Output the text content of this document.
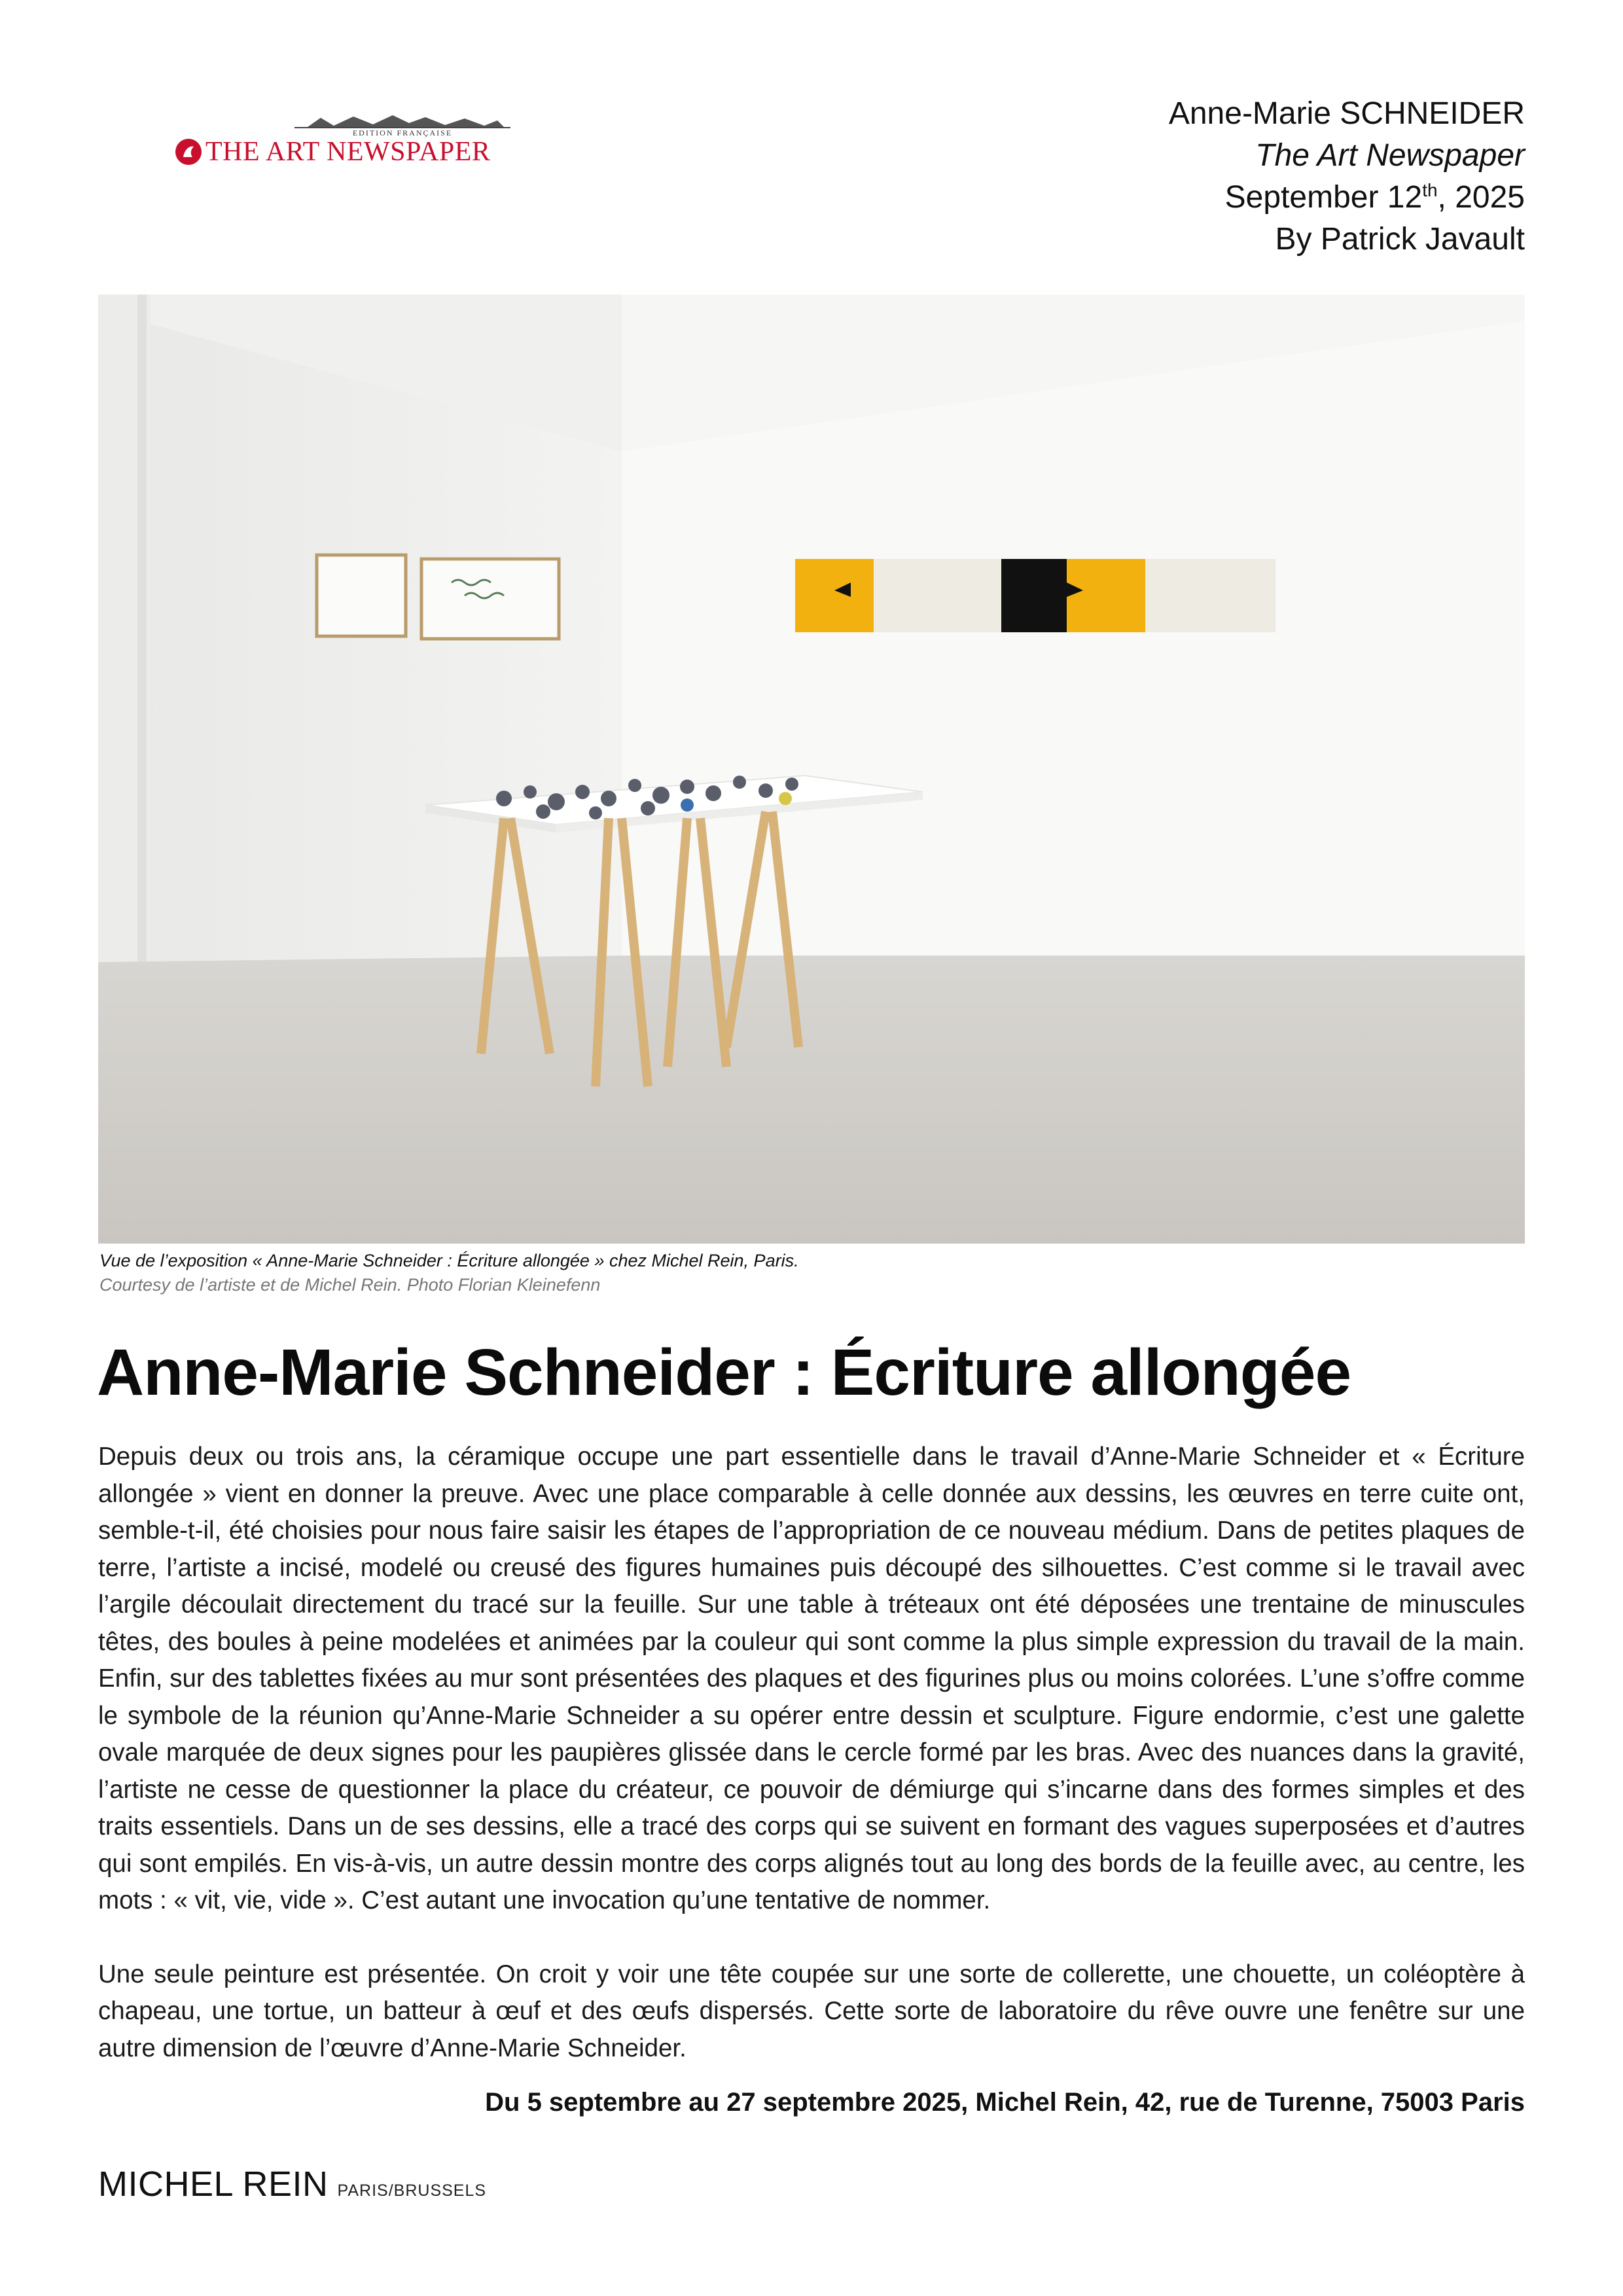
EDITION FRANÇAISE
THE ART NEWSPAPER
Anne-Marie SCHNEIDER
The Art Newspaper
September 12th, 2025
By Patrick Javault
Vue de l’exposition « Anne-Marie Schneider : Écriture allongée » chez Michel Rein, Paris.
Courtesy de l’artiste et de Michel Rein. Photo Florian Kleinefenn
Anne-Marie Schneider : Écriture allongée

Depuis deux ou trois ans, la céramique occupe une part essentielle dans le travail d’Anne-Marie Schneider et « Écriture allongée » vient en donner la preuve. Avec une place comparable à celle donnée aux dessins, les œuvres en terre cuite ont, semble-t-il, été choisies pour nous faire saisir les étapes de l’appropriation de ce nouveau médium. Dans de petites plaques de terre, l’artiste a incisé, modelé ou creusé des figures humaines puis découpé des silhouettes. C’est comme si le travail avec l’argile découlait directement du tracé sur la feuille. Sur une table à tréteaux ont été déposées une trentaine de minuscules têtes, des boules à peine modelées et animées par la couleur qui sont comme la plus simple expression du travail de la main. Enfin, sur des tablettes fixées au mur sont présentées des plaques et des figurines plus ou moins colorées. L’une s’offre comme le symbole de la réunion qu’Anne-Marie Schneider a su opérer entre dessin et sculpture. Figure endormie, c’est une galette ovale marquée de deux signes pour les paupières glissée dans le cercle formé par les bras. Avec des nuances dans la gravité, l’artiste ne cesse de questionner la place du créateur, ce pouvoir de démiurge qui s’incarne dans des formes simples et des traits essentiels. Dans un de ses dessins, elle a tracé des corps qui se suivent en formant des vagues superposées et d’autres qui sont empilés. En vis-à-vis, un autre dessin montre des corps alignés tout au long des bords de la feuille avec, au centre, les mots : « vit, vie, vide ». C’est autant une invocation qu’une tentative de nommer.

Une seule peinture est présentée. On croit y voir une tête coupée sur une sorte de collerette, une chouette, un coléoptère à chapeau, une tortue, un batteur à œuf et des œufs dispersés. Cette sorte de laboratoire du rêve ouvre une fenêtre sur une autre dimension de l’œuvre d’Anne-Marie Schneider.

Du 5 septembre au 27 septembre 2025, Michel Rein, 42, rue de Turenne, 75003 Paris
MICHEL REIN PARIS/BRUSSELS
